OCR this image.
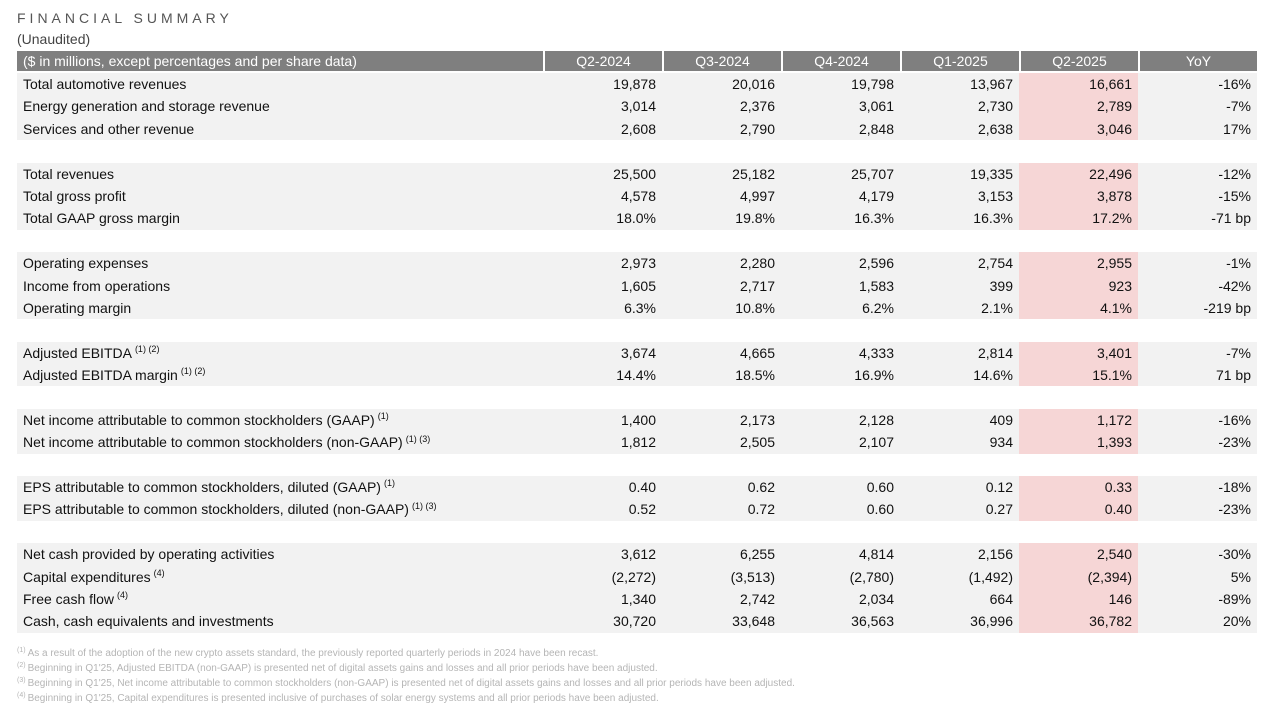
FINANCIAL SUMMARY
(Unaudited)
($ in millions, except percentages and per share data)	Q2-2024	Q3-2024	Q4-2024	Q1-2025	Q2-2025	YoY
Total automotive revenues	19,878	20,016	19,798	13,967	16,661	-16%
Energy generation and storage revenue	3,014	2,376	3,061	2,730	2,789	-7%
Services and other revenue	2,608	2,790	2,848	2,638	3,046	17%
Total revenues	25,500	25,182	25,707	19,335	22,496	-12%
Total gross profit	4,578	4,997	4,179	3,153	3,878	-15%
Total GAAP gross margin	18.0%	19.8%	16.3%	16.3%	17.2%	-71 bp
Operating expenses	2,973	2,280	2,596	2,754	2,955	-1%
Income from operations	1,605	2,717	1,583	399	923	-42%
Operating margin	6.3%	10.8%	6.2%	2.1%	4.1%	-219 bp
Adjusted EBITDA $^{(1) (2)}$	3,674	4,665	4,333	2,814	3,401	-7%
Adjusted EBITDA margin $^{(1) (2)}$	14.4%	18.5%	16.9%	14.6%	15.1%	71 bp
Net income attributable to common stockholders (GAAP) $^{(1)}$	1,400	2,173	2,128	409	1,172	-16%
Net income attributable to common stockholders (non-GAAP) $^{(1) (3)}$	1,812	2,505	2,107	934	1,393	-23%
EPS attributable to common stockholders, diluted (GAAP) $^{(1)}$	0.40	0.62	0.60	0.12	0.33	-18%
EPS attributable to common stockholders, diluted (non-GAAP) $^{(1) (3)}$	0.52	0.72	0.60	0.27	0.40	-23%
Net cash provided by operating activities	3,612	6,255	4,814	2,156	2,540	-30%
Capital expenditures $^{(4)}$	(2,272)	(3,513)	(2,780)	(1,492)	(2,394)	5%
Free cash flow $^{(4)}$	1,340	2,742	2,034	664	146	-89%
Cash, cash equivalents and investments	30,720	33,648	36,563	36,996	36,782	20%
$^{(1)}$ As a result of the adoption of the new crypto assets standard, the previously reported quarterly periods in 2024 have been recast.
$^{(2)}$ Beginning in Q1'25, Adjusted EBITDA (non-GAAP) is presented net of digital assets gains and losses and all prior periods have been adjusted.
$^{(3)}$ Beginning in Q1'25, Net income attributable to common stockholders (non-GAAP) is presented net of digital assets gains and losses and all prior periods have been adjusted.
$^{(4)}$ Beginning in Q1'25, Capital expenditures is presented inclusive of purchases of solar energy systems and all prior periods have been adjusted.
